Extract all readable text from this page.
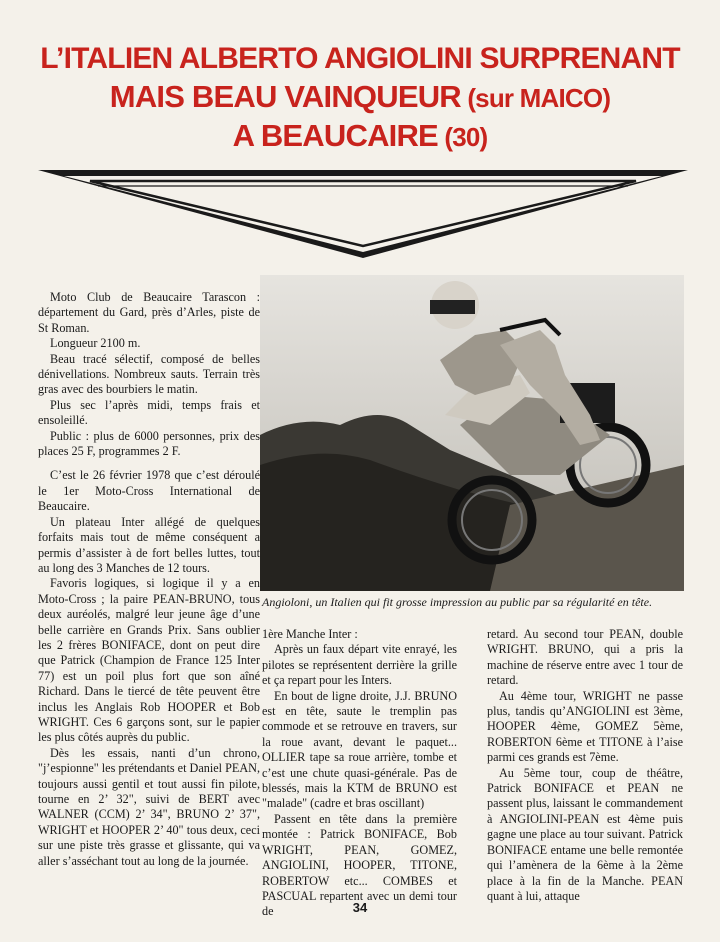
L’ITALIEN ALBERTO ANGIOLINI SURPRENANT
MAIS BEAU VAINQUEUR (sur MAICO)
A BEAUCAIRE (30)

Moto Club de Beaucaire Tarascon : département du Gard, près d’Arles, piste de St Roman.

Longueur 2100 m.

Beau tracé sélectif, composé de belles dénivellations. Nombreux sauts. Terrain très gras avec des bourbiers le matin.

Plus sec l’après midi, temps frais et ensoleillé.

Public : plus de 6000 personnes, prix des places 25 F, programmes 2 F.

C’est le 26 février 1978 que c’est déroulé le 1er Moto-Cross International de Beaucaire.

Un plateau Inter allégé de quelques forfaits mais tout de même conséquent a permis d’assister à de fort belles luttes, tout au long des 3 Manches de 12 tours.

Favoris logiques, si logique il y a en Moto-Cross ; la paire PEAN-BRUNO, tous deux auréolés, malgré leur jeune âge d’une belle carrière en Grands Prix. Sans oublier les 2 frères BONIFACE, dont on peut dire que Patrick (Champion de France 125 Inter 77) est un poil plus fort que son aîné Richard. Dans le tiercé de tête peuvent être inclus les Anglais Rob HOOPER et Bob WRIGHT. Ces 6 garçons sont, sur le papier les plus côtés auprès du public.

Dès les essais, nanti d’un chrono, "j’espionne" les prétendants et Daniel PEAN, toujours aussi gentil et tout aussi fin pilote, tourne en 2’ 32", suivi de BERT avec WALNER (CCM) 2’ 34", BRUNO 2’ 37", WRIGHT et HOOPER 2’ 40" tous deux, ceci sur une piste très grasse et glissante, qui va aller s’asséchant tout au long de la journée.

Angioloni, un Italien qui fit grosse impression au public par sa régularité en tête.

1ère Manche Inter :

Après un faux départ vite enrayé, les pilotes se représentent derrière la grille et ça repart pour les Inters.

En bout de ligne droite, J.J. BRUNO est en tête, saute le tremplin pas commode et se retrouve en travers, sur la roue avant, devant le paquet... OLLIER tape sa roue arrière, tombe et c’est une chute quasi-générale. Pas de blessés, mais la KTM de BRUNO est "malade" (cadre et bras oscillant)

Passent en tête dans la première montée : Patrick BONIFACE, Bob WRIGHT, PEAN, GOMEZ, ANGIOLINI, HOOPER, TITONE, ROBERTOW etc... COMBES et PASCUAL repartent avec un demi tour de

retard. Au second tour PEAN, double WRIGHT. BRUNO, qui a pris la machine de réserve entre avec 1 tour de retard.

Au 4ème tour, WRIGHT ne passe plus, tandis qu’ANGIOLINI est 3ème, HOOPER 4ème, GOMEZ 5ème, ROBERTON 6ème et TITONE à l’aise parmi ces grands est 7ème.

Au 5ème tour, coup de théâtre, Patrick BONIFACE et PEAN ne passent plus, laissant le commandement à ANGIOLINI-PEAN est 4ème puis gagne une place au tour suivant. Patrick BONIFACE entame une belle remontée qui l’amènera de la 6ème à la 2ème place à la fin de la Manche. PEAN quant à lui, attaque

34
